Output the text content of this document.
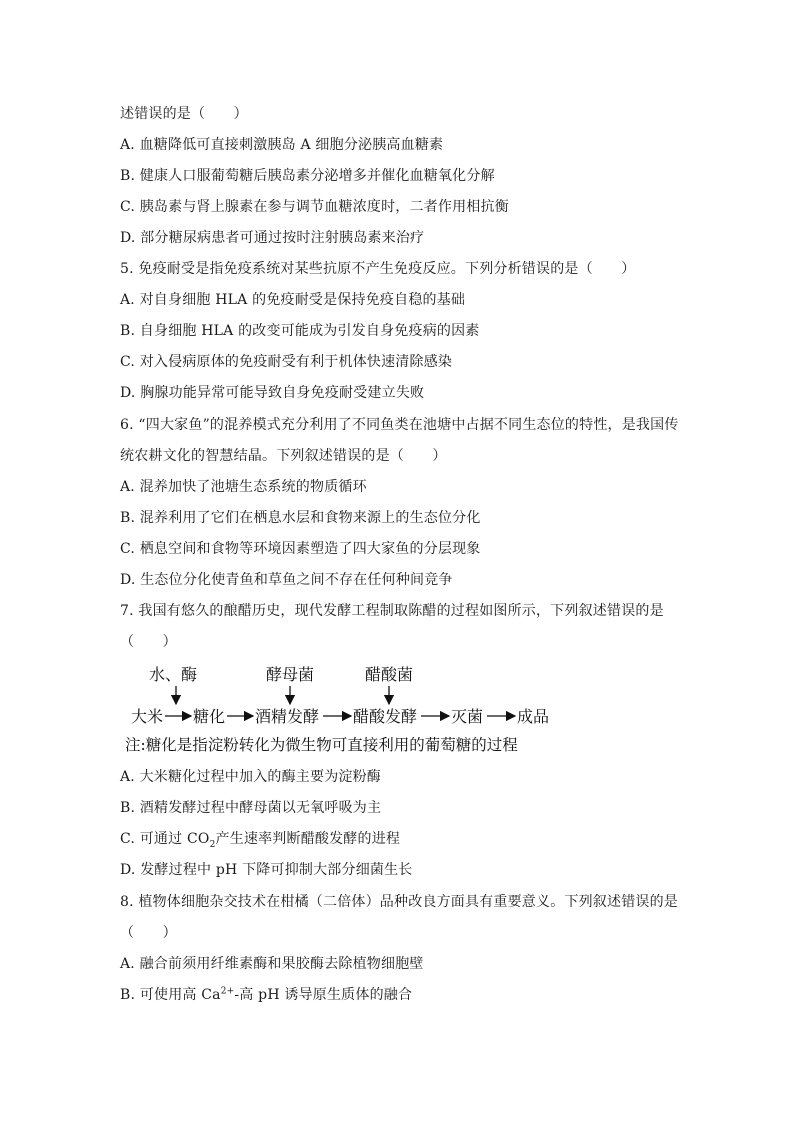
述错误的是（　　）
A. 血糖降低可直接刺激胰岛 A 细胞分泌胰高血糖素
B. 健康人口服葡萄糖后胰岛素分泌增多并催化血糖氧化分解
C. 胰岛素与肾上腺素在参与调节血糖浓度时，二者作用相抗衡
D. 部分糖尿病患者可通过按时注射胰岛素来治疗
5. 免疫耐受是指免疫系统对某些抗原不产生免疫反应。下列分析错误的是（　　）
A. 对自身细胞 HLA 的免疫耐受是保持免疫自稳的基础
B. 自身细胞 HLA 的改变可能成为引发自身免疫病的因素
C. 对入侵病原体的免疫耐受有利于机体快速清除感染
D. 胸腺功能异常可能导致自身免疫耐受建立失败
6. “四大家鱼”的混养模式充分利用了不同鱼类在池塘中占据不同生态位的特性，是我国传
统农耕文化的智慧结晶。下列叙述错误的是（　　）
A. 混养加快了池塘生态系统的物质循环
B. 混养利用了它们在栖息水层和食物来源上的生态位分化
C. 栖息空间和食物等环境因素塑造了四大家鱼的分层现象
D. 生态位分化使青鱼和草鱼之间不存在任何种间竞争
7. 我国有悠久的酿醋历史，现代发酵工程制取陈醋的过程如图所示，下列叙述错误的是
（　　）
水、酶	酵母菌	醋酸菌
大米 糖化 酒精发酵 醋酸发酵 灭菌 成品
注:糖化是指淀粉转化为微生物可直接利用的葡萄糖的过程
A. 大米糖化过程中加入的酶主要为淀粉酶
B. 酒精发酵过程中酵母菌以无氧呼吸为主
C. 可通过 $CO_2$产生速率判断醋酸发酵的进程
D. 发酵过程中 pH 下降可抑制大部分细菌生长
8. 植物体细胞杂交技术在柑橘（二倍体）品种改良方面具有重要意义。下列叙述错误的是
（　　）
A. 融合前须用纤维素酶和果胶酶去除植物细胞壁
B. 可使用高 $Ca^{2+}-$高 pH 诱导原生质体的融合
